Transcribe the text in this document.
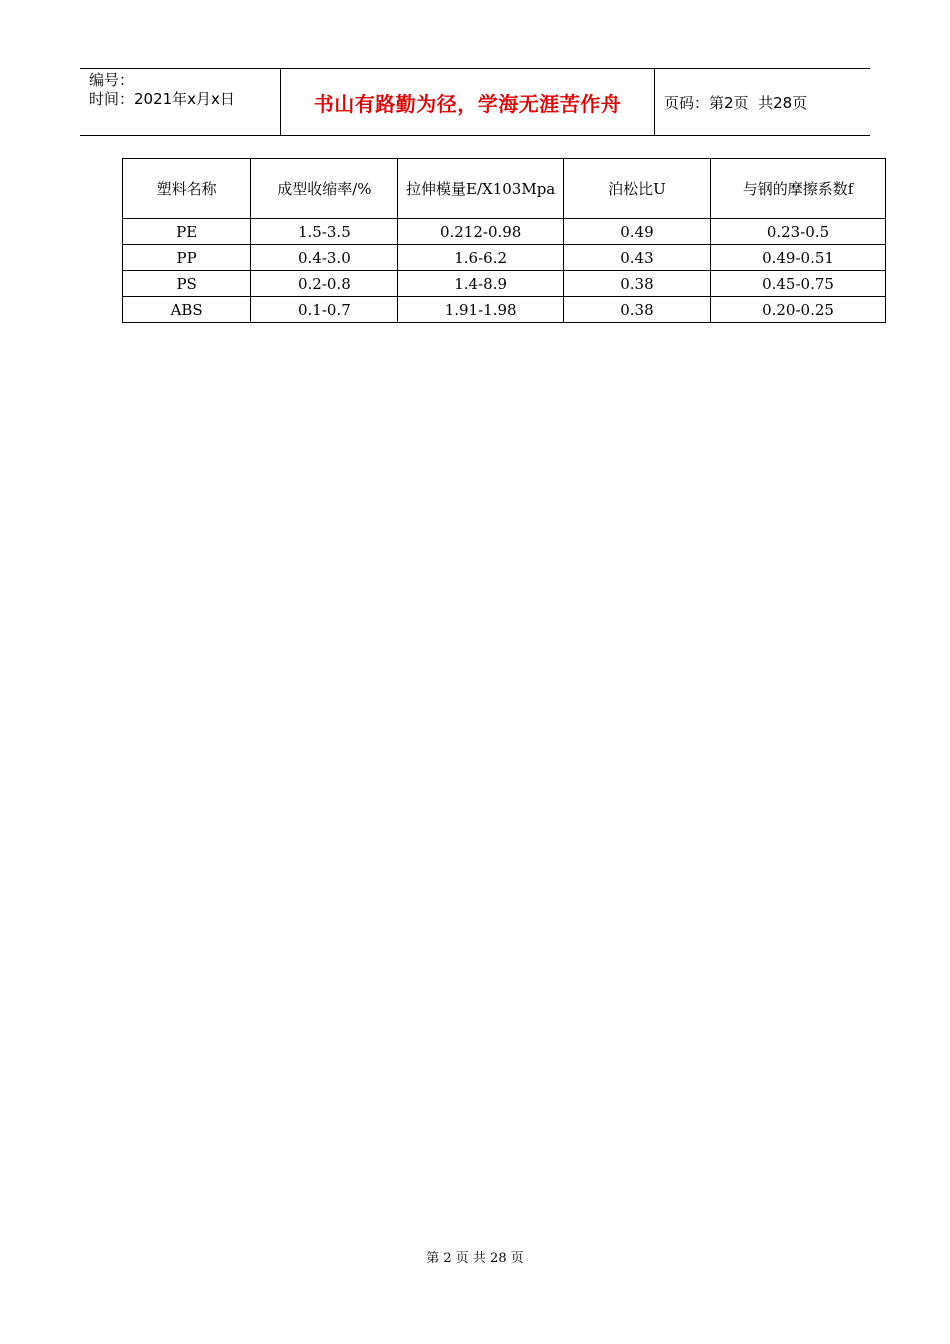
编号：
时间：2021年x月x日	书山有路勤为径，学海无涯苦作舟	页码：第2页  共28页
塑料名称	成型收缩率/%	拉伸模量E/X103Mpa	泊松比U	与钢的摩擦系数f
PE	1.5-3.5	0.212-0.98	0.49	0.23-0.5
PP	0.4-3.0	1.6-6.2	0.43	0.49-0.51
PS	0.2-0.8	1.4-8.9	0.38	0.45-0.75
ABS	0.1-0.7	1.91-1.98	0.38	0.20-0.25
第 2 页 共 28 页
